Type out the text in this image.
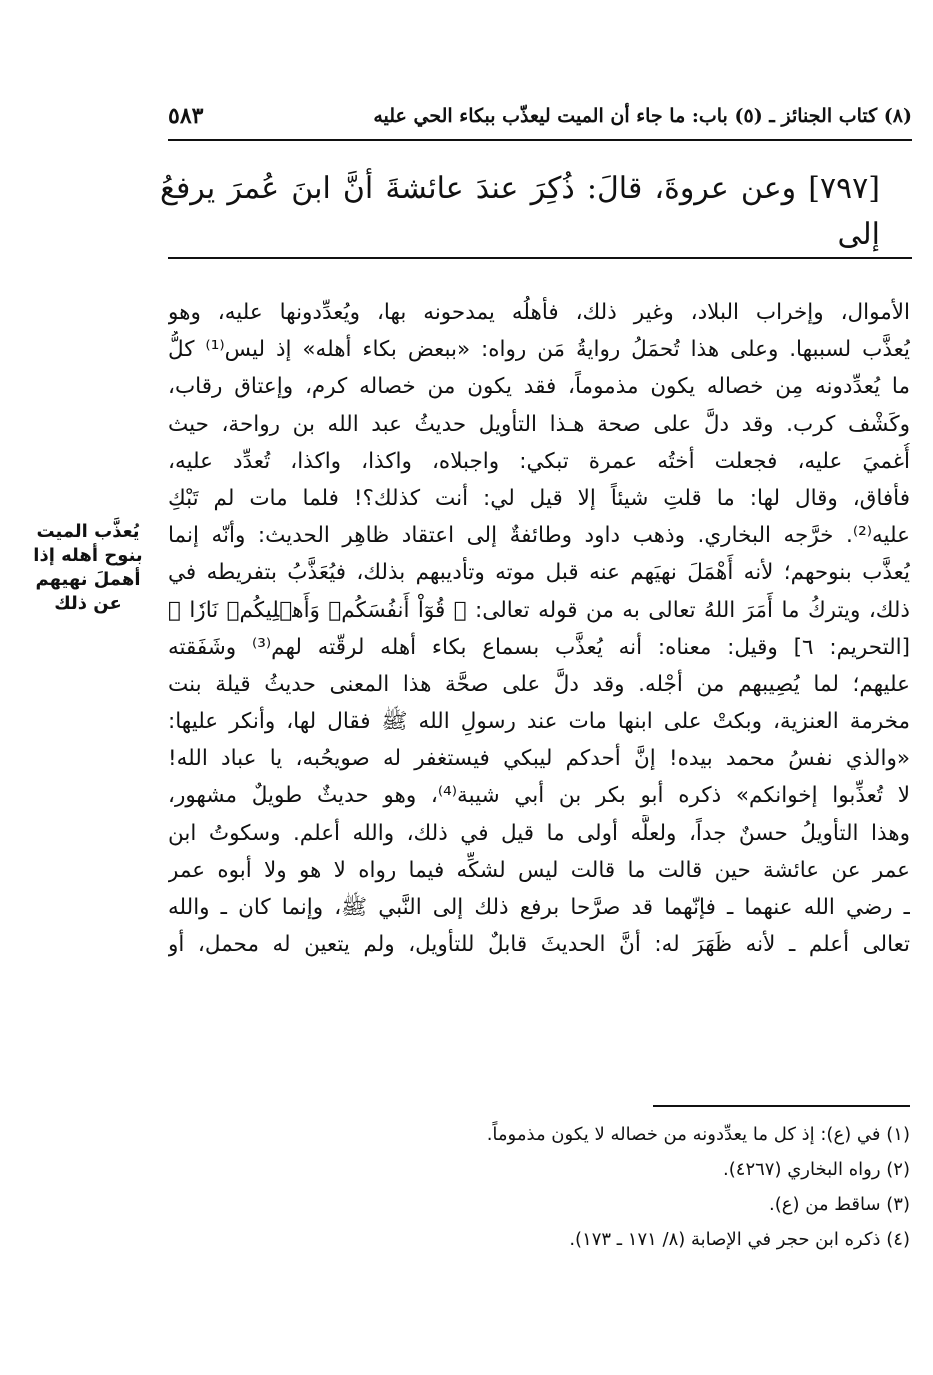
(٨) كتاب الجنائز ـ (٥) باب: ما جاء أن الميت ليعذّب ببكاء الحي عليه
٥٨٣
[٧٩٧] وعن عروةَ، قالَ: ذُكِرَ عندَ عائشةَ أنَّ ابنَ عُمرَ يرفعُ إلى
الأموال، وإخراب البلاد، وغير ذلك، فأهلُه يمدحونه بها، ويُعدِّدونها عليه، وهو
يُعذَّب لسببها. وعلى هذا تُحمَلُ روايةُ مَن رواه: «ببعض بكاء أهله» إذ ليس⁽¹⁾ كلُّ
ما يُعدِّدونه مِن خصاله يكون مذموماً، فقد يكون من خصاله كرم، وإعتاق رقاب،
وكَشْف كرب. وقد دلَّ على صحة هـذا التأويل حديثُ عبد الله بن رواحة، حيث
أُغميَ عليه، فجعلت أختُه عمرة تبكي: واجبلاه، واكذا، واكذا، تُعدِّد عليه،
فأفاق، وقال لها: ما قلتِ شيئاً إلا قيل لي: أنت كذلك؟! فلما مات لم تَبْكِ
عليه⁽²⁾. خرَّجه البخاري. وذهب داود وطائفةٌ إلى اعتقاد ظاهِر الحديث: وأنّه إنما
يُعذَّب بنوحهم؛ لأنه أَهْمَلَ نهيَهم عنه قبل موته وتأديبهم بذلك، فيُعَذَّبُ بتفريطه في
ذلك، ويتركُ ما أَمَرَ اللهُ تعالى به من قوله تعالى: ﴿ قُوٓاْ أَنفُسَكُمۡ وَأَهۡلِيكُمۡ نَارٗا ﴾
[التحريم: ٦] وقيل: معناه: أنه يُعذَّب بسماع بكاء أهله لرقّته لهم⁽³⁾ وشَفَقته
عليهم؛ لما يُصِيبهم من أجْله. وقد دلَّ على صحَّة هذا المعنى حديثُ قيلة بنت
مخرمة العنزية، وبكتْ على ابنها مات عند رسولِ الله ﷺ فقال لها، وأنكر عليها:
«والذي نفسُ محمد بيده! إنَّ أحدكم ليبكي فيستغفر له صويحُبه، يا عباد الله!
لا تُعذِّبوا إخوانكم» ذكره أبو بكر بن أبي شيبة⁽⁴⁾، وهو حديثٌ طويلٌ مشهور،
وهذا التأويلُ حسنٌ جداً، ولعلَّه أولى ما قيل في ذلك، والله أعلم. وسكوتُ ابن
عمر عن عائشة حين قالت ما قالت ليس لشكِّه فيما رواه لا هو ولا أبوه عمر
ـ رضي الله عنهما ـ فإنّهما قد صرَّحا برفع ذلك إلى النَّبي ﷺ، وإنما كان ـ والله
تعالى أعلم ـ لأنه ظَهَرَ له: أنَّ الحديثَ قابلٌ للتأويل، ولم يتعين له محمل، أو
يُعذَّب الميت بنوح أهله إذا أهملَ نهيهم عن ذلك
(١) في (ع): إذ كل ما يعدِّدونه من خصاله لا يكون مذموماً.
(٢) رواه البخاري (٤٢٦٧).
(٣) ساقط من (ع).
(٤) ذكره ابن حجر في الإصابة (٨/ ١٧١ ـ ١٧٣).
